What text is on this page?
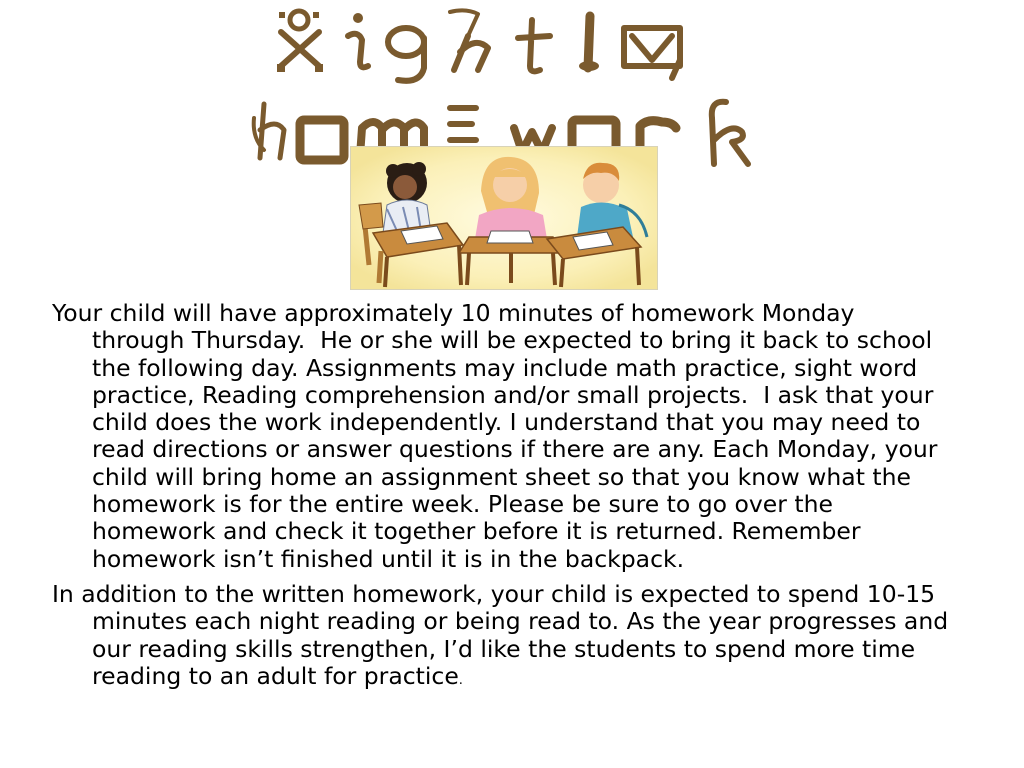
Your child will have approximately 10 minutes of homework Monday through Thursday.  He or she will be expected to bring it back to school the following day. Assignments may include math practice, sight word practice, Reading comprehension and/or small projects.  I ask that your child does the work independently. I understand that you may need to read directions or answer questions if there are any. Each Monday, your child will bring home an assignment sheet so that you know what the homework is for the entire week. Please be sure to go over the homework and check it together before it is returned. Remember homework isn’t finished until it is in the backpack.
In addition to the written homework, your child is expected to spend 10-15 minutes each night reading or being read to. As the year progresses and our reading skills strengthen, I’d like the students to spend more time reading to an adult for practice.
